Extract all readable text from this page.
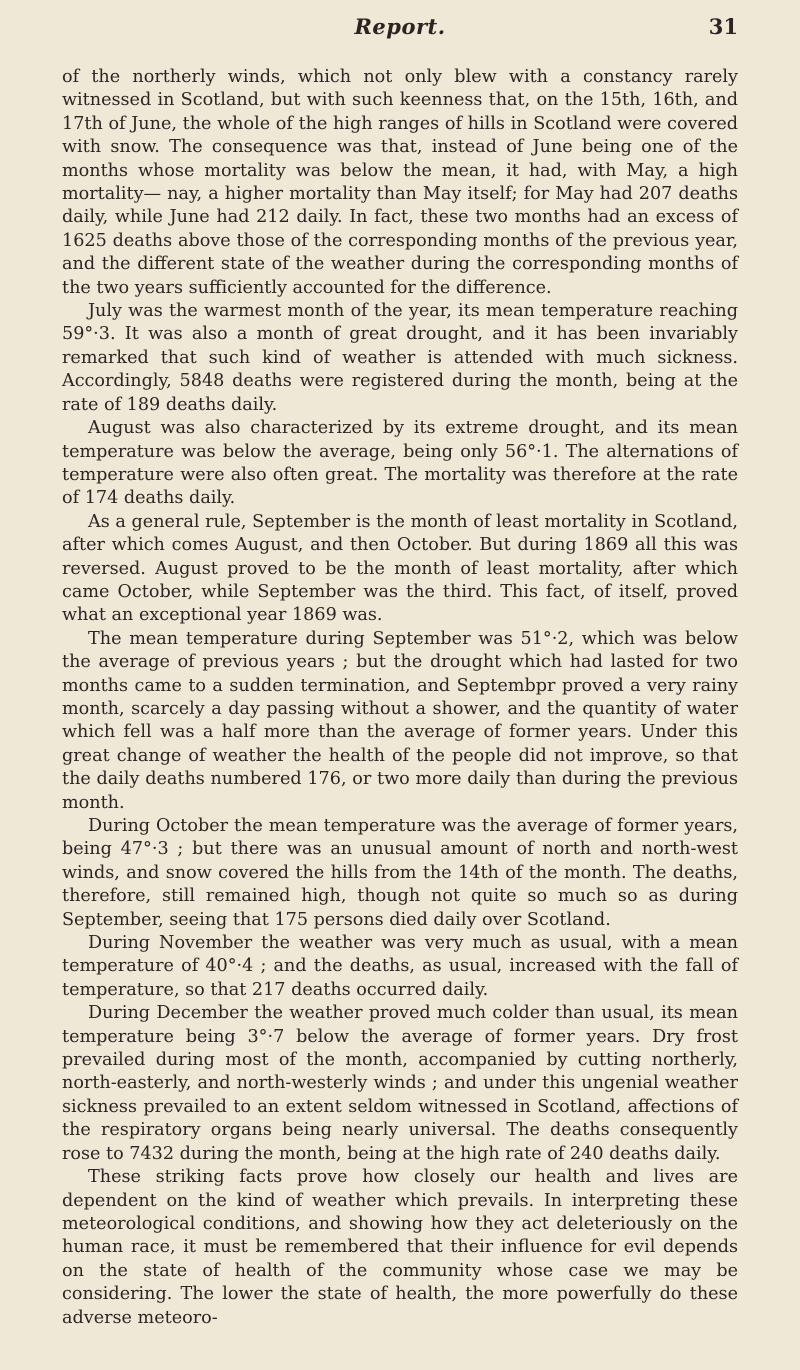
Report.	31

of the northerly winds, which not only blew with a constancy rarely witnessed in Scotland, but with such keenness that, on the 15th, 16th, and 17th of June, the whole of the high ranges of hills in Scotland were covered with snow. The consequence was that, instead of June being one of the months whose mortality was below the mean, it had, with May, a high mortality— nay, a higher mortality than May itself; for May had 207 deaths daily, while June had 212 daily. In fact, these two months had an excess of 1625 deaths above those of the corresponding months of the previous year, and the different state of the weather during the corresponding months of the two years sufficiently accounted for the difference.

July was the warmest month of the year, its mean temperature reaching 59°·3. It was also a month of great drought, and it has been invariably remarked that such kind of weather is attended with much sickness. Accordingly, 5848 deaths were registered during the month, being at the rate of 189 deaths daily.

August was also characterized by its extreme drought, and its mean temperature was below the average, being only 56°·1. The alternations of temperature were also often great. The mortality was therefore at the rate of 174 deaths daily.

As a general rule, September is the month of least mortality in Scotland, after which comes August, and then October. But during 1869 all this was reversed. August proved to be the month of least mortality, after which came October, while September was the third. This fact, of itself, proved what an exceptional year 1869 was.

The mean temperature during September was 51°·2, which was below the average of previous years ; but the drought which had lasted for two months came to a sudden termination, and Septembpr proved a very rainy month, scarcely a day passing without a shower, and the quantity of water which fell was a half more than the average of former years. Under this great change of weather the health of the people did not improve, so that the daily deaths numbered 176, or two more daily than during the previous month.

During October the mean temperature was the average of former years, being 47°·3 ; but there was an unusual amount of north and north-west winds, and snow covered the hills from the 14th of the month. The deaths, therefore, still remained high, though not quite so much so as during September, seeing that 175 persons died daily over Scotland.

During November the weather was very much as usual, with a mean temperature of 40°·4 ; and the deaths, as usual, increased with the fall of temperature, so that 217 deaths occurred daily.

During December the weather proved much colder than usual, its mean temperature being 3°·7 below the average of former years. Dry frost prevailed during most of the month, accompanied by cutting northerly, north-easterly, and north-westerly winds ; and under this ungenial weather sickness prevailed to an extent seldom witnessed in Scotland, affections of the respiratory organs being nearly universal. The deaths consequently rose to 7432 during the month, being at the high rate of 240 deaths daily.

These striking facts prove how closely our health and lives are dependent on the kind of weather which prevails. In interpreting these meteorological conditions, and showing how they act deleteriously on the human race, it must be remembered that their influence for evil depends on the state of health of the community whose case we may be considering. The lower the state of health, the more powerfully do these adverse meteoro-
